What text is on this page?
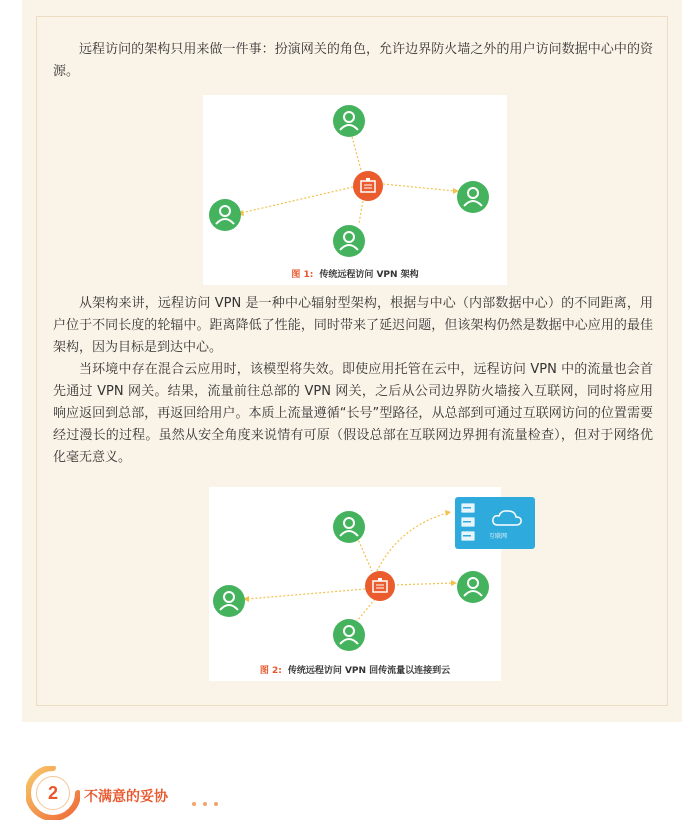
远程访问的架构只用来做一件事：扮演网关的角色，允许边界防火墙之外的用户访问数据中心中的资源。

图 1: 传统远程访问 VPN 架构

从架构来讲，远程访问 VPN 是一种中心辐射型架构，根据与中心（内部数据中心）的不同距离，用户位于不同长度的轮辐中。距离降低了性能，同时带来了延迟问题，但该架构仍然是数据中心应用的最佳架构，因为目标是到达中心。

当环境中存在混合云应用时，该模型将失效。即使应用托管在云中，远程访问 VPN 中的流量也会首先通过 VPN 网关。结果，流量前往总部的 VPN 网关，之后从公司边界防火墙接入互联网，同时将应用响应返回到总部，再返回给用户。本质上流量遵循“长号”型路径，从总部到可通过互联网访问的位置需要经过漫长的过程。虽然从安全角度来说情有可原（假设总部在互联网边界拥有流量检查），但对于网络优化毫无意义。

互联网
图 2: 传统远程访问 VPN 回传流量以连接到云
2	不满意的妥协
